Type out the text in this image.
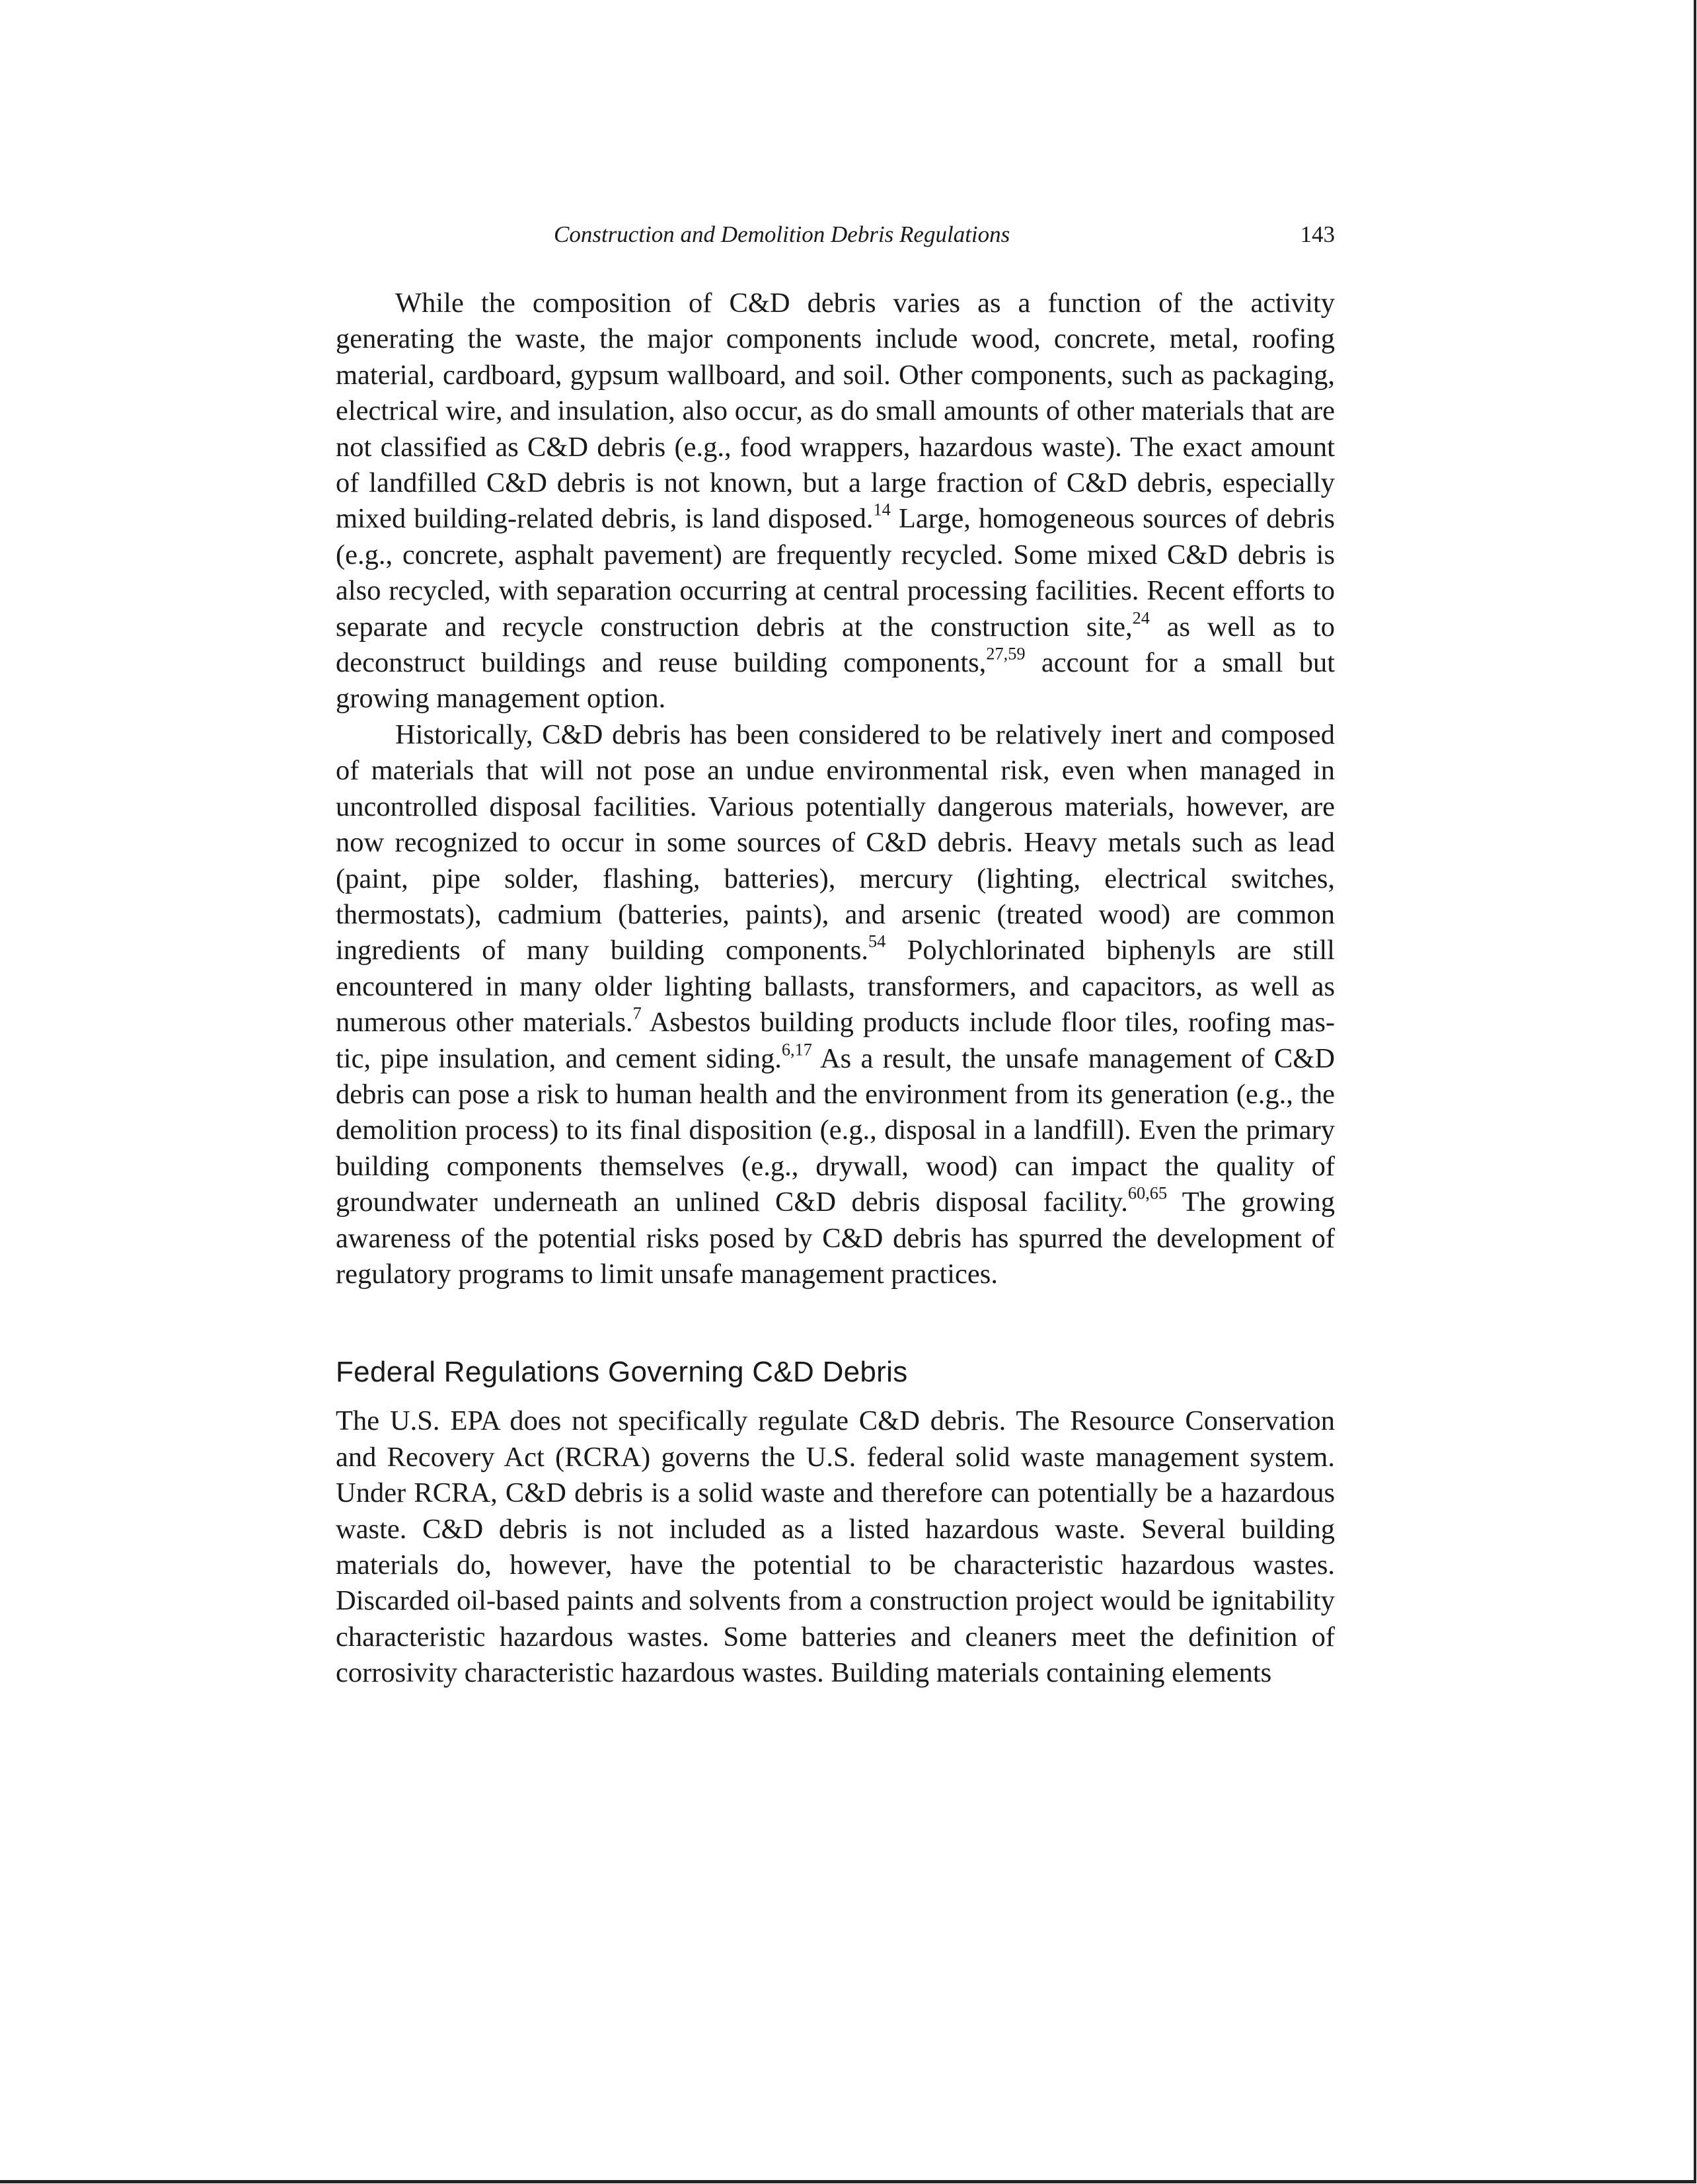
Construction and Demolition Debris Regulations	143

While the composition of C&D debris varies as a function of the activity generating the waste, the major components include wood, concrete, metal, roofing material, cardboard, gypsum wallboard, and soil. Other components, such as packaging, electrical wire, and insulation, also occur, as do small amounts of other materials that are not classified as C&D debris (e.g., food wrappers, hazardous waste). The exact amount of landfilled C&D debris is not known, but a large fraction of C&D debris, especially mixed building-related debris, is land disposed.$^{14}$ Large, homogeneous sources of debris (e.g., concrete, asphalt pavement) are frequently recycled. Some mixed C&D debris is also recycled, with separation occurring at central processing facilities. Recent efforts to separate and recycle construction debris at the construction site,$^{24}$ as well as to deconstruct buildings and reuse building components,$^{27,59}$ account for a small but growing management option.

Historically, C&D debris has been considered to be relatively inert and composed of materials that will not pose an undue environmental risk, even when managed in uncontrolled disposal facilities. Various potentially dangerous materials, however, are now recognized to occur in some sources of C&D debris. Heavy metals such as lead (paint, pipe solder, flashing, batteries), mercury (lighting, electrical switches, thermostats), cadmium (batteries, paints), and arsenic (treated wood) are common ingredients of many building components.$^{54}$ Polychlorinated biphenyls are still encountered in many older lighting ballasts, transformers, and capacitors, as well as numerous other materials.$^7$ Asbestos building products include floor tiles, roofing mastic, pipe insulation, and cement siding.$^{6,17}$ As a result, the unsafe management of C&D debris can pose a risk to human health and the environment from its generation (e.g., the demolition process) to its final disposition (e.g., disposal in a landfill). Even the primary building components themselves (e.g., drywall, wood) can impact the quality of groundwater underneath an unlined C&D debris disposal facility.$^{60,65}$ The growing awareness of the potential risks posed by C&D debris has spurred the development of regulatory programs to limit unsafe management practices.

Federal Regulations Governing C&D Debris

The U.S. EPA does not specifically regulate C&D debris. The Resource Conservation and Recovery Act (RCRA) governs the U.S. federal solid waste management system. Under RCRA, C&D debris is a solid waste and therefore can potentially be a hazardous waste. C&D debris is not included as a listed hazardous waste. Several building materials do, however, have the potential to be characteristic hazardous wastes. Discarded oil-based paints and solvents from a construction project would be ignitability characteristic hazardous wastes. Some batteries and cleaners meet the definition of corrosivity characteristic hazardous wastes. Building materials containing elements
